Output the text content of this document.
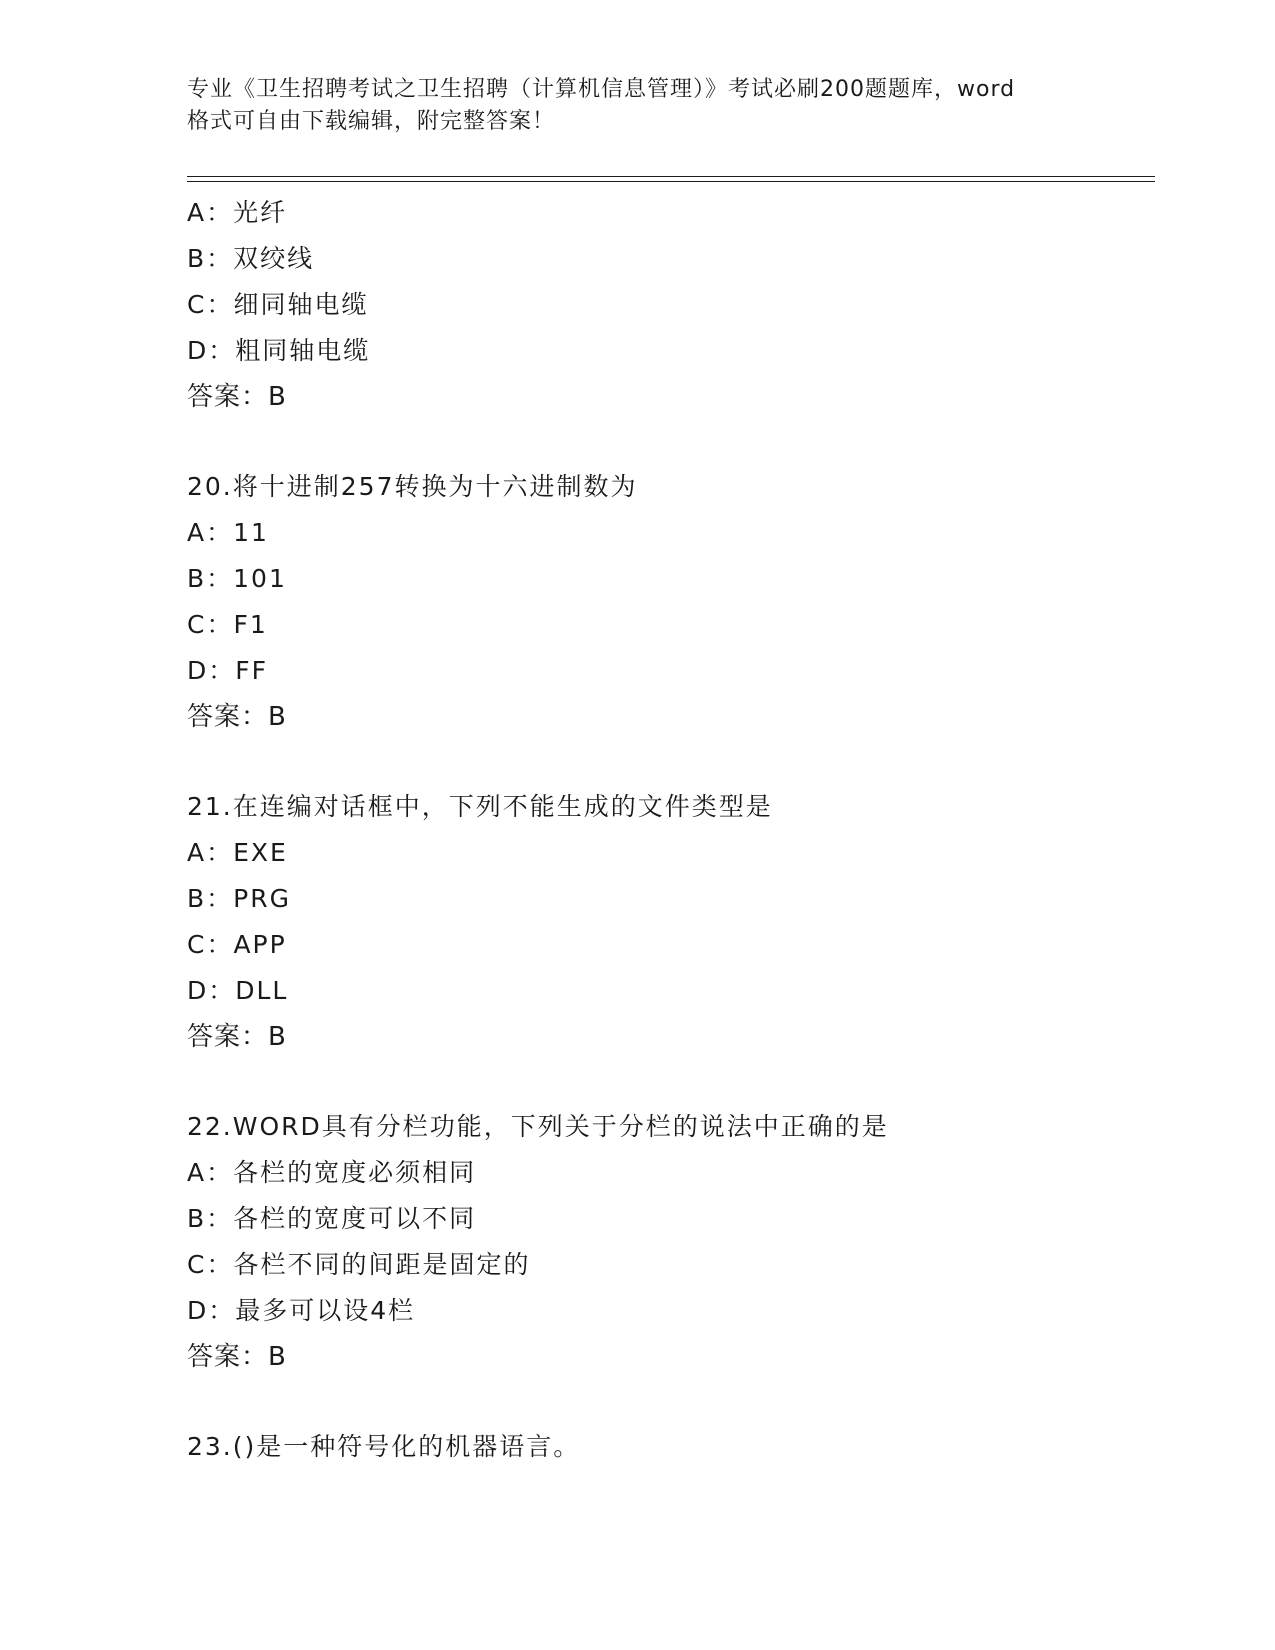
专业《卫生招聘考试之卫生招聘（计算机信息管理）》考试必刷200题题库，word
格式可自由下载编辑，附完整答案！
A：光纤
B：双绞线
C：细同轴电缆
D：粗同轴电缆
答案：B
20.将十进制257转换为十六进制数为
A：11
B：101
C：F1
D：FF
答案：B
21.在连编对话框中，下列不能生成的文件类型是
A：EXE
B：PRG
C：APP
D：DLL
答案：B
22.WORD具有分栏功能，下列关于分栏的说法中正确的是
A：各栏的宽度必须相同
B：各栏的宽度可以不同
C：各栏不同的间距是固定的
D：最多可以设4栏
答案：B
23.()是一种符号化的机器语言。
